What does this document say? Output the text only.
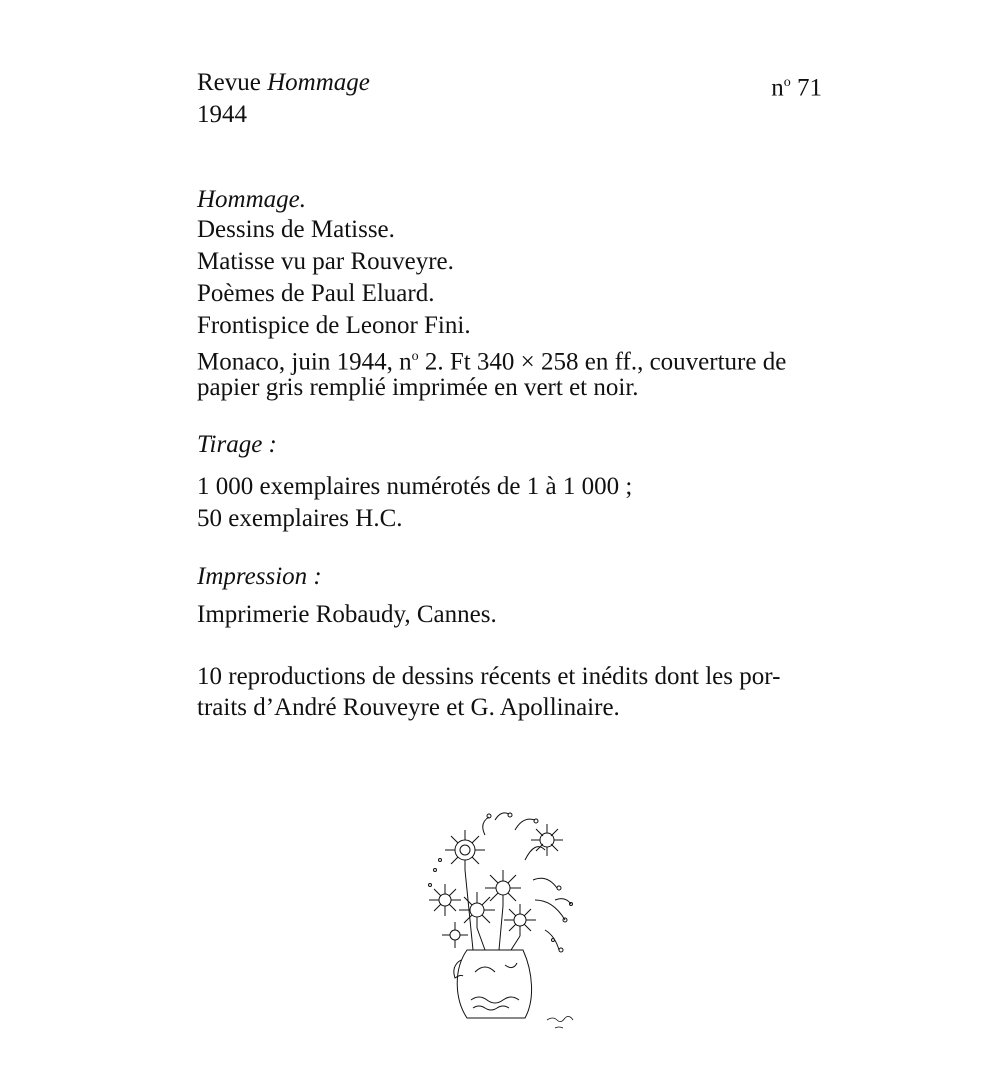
Revue Hommage
1944
$n^o$ 71
Hommage.
Dessins de Matisse.
Matisse vu par Rouveyre.
Poèmes de Paul Eluard.
Frontispice de Leonor Fini.
Monaco, juin 1944, $n^o$ 2. Ft 340 × 258 en ff., couverture de
papier gris remplié imprimée en vert et noir.
Tirage :
1 000 exemplaires numérotés de 1 à 1 000 ;
50 exemplaires H.C.
Impression :
Imprimerie Robaudy, Cannes.
10 reproductions de dessins récents et inédits dont les por-
traits d’André Rouveyre et G. Apollinaire.
